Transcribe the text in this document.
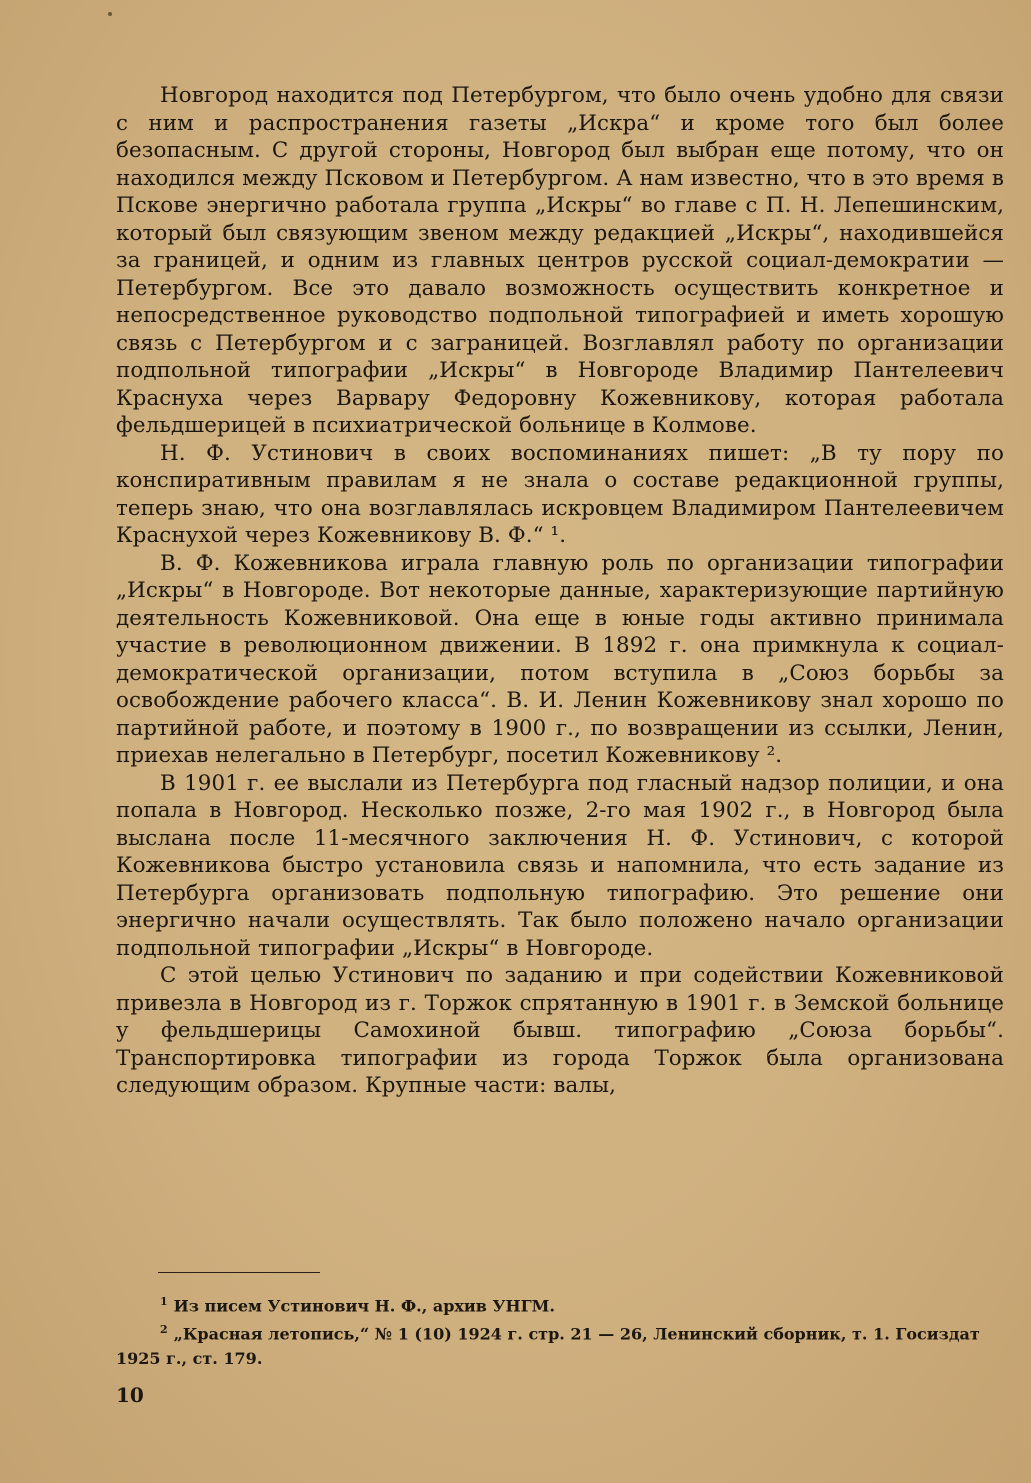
Новгород находится под Петербургом, что было очень удобно для связи с ним и распространения газеты „Искра“ и кроме того был более безопасным. С другой стороны, Новгород был выбран еще потому, что он находился между Псковом и Петербургом. А нам известно, что в это время в Пскове энергично работала группа „Искры“ во главе с П. Н. Лепешинским, который был связующим звеном между редакцией „Искры“, находившейся за границей, и одним из главных центров русской социал-демократии — Петербургом. Все это давало возможность осуществить конкретное и непосредственное руководство подпольной типографией и иметь хорошую связь с Петербургом и с заграницей. Возглавлял работу по организации подпольной типографии „Искры“ в Новгороде Владимир Пантелеевич Краснуха через Варвару Федоровну Кожевникову, которая работала фельдшерицей в психиатрической больнице в Колмове.

Н. Ф. Устинович в своих воспоминаниях пишет: „В ту пору по конспиративным правилам я не знала о составе редакционной группы, теперь знаю, что она возглавлялась искровцем Владимиром Пантелеевичем Краснухой через Кожевникову В. Ф.“ ¹.

В. Ф. Кожевникова играла главную роль по организации типографии „Искры“ в Новгороде. Вот некоторые данные, характеризующие партийную деятельность Кожевниковой. Она еще в юные годы активно принимала участие в революционном движении. В 1892 г. она примкнула к социал-демократической организации, потом вступила в „Союз борьбы за освобождение рабочего класса“. В. И. Ленин Кожевникову знал хорошо по партийной работе, и поэтому в 1900 г., по возвращении из ссылки, Ленин, приехав нелегально в Петербург, посетил Кожевникову ².

В 1901 г. ее выслали из Петербурга под гласный надзор полиции, и она попала в Новгород. Несколько позже, 2-го мая 1902 г., в Новгород была выслана после 11-месячного заключения Н. Ф. Устинович, с которой Кожевникова быстро установила связь и напомнила, что есть задание из Петербурга организовать подпольную типографию. Это решение они энергично начали осуществлять. Так было положено начало организации подпольной типографии „Искры“ в Новгороде.

С этой целью Устинович по заданию и при содействии Кожевниковой привезла в Новгород из г. Торжок спрятанную в 1901 г. в Земской больнице у фельдшерицы Самохиной бывш. типографию „Союза борьбы“. Транспортировка типографии из города Торжок была организована следующим образом. Крупные части: валы,

$^1$ Из писем Устинович Н. Ф., архив УНГМ.

$^2$ „Красная летопись,“ № 1 (10) 1924 г. стр. 21 — 26, Ленинский сборник, т. 1. Госиздат 1925 г., ст. 179.

10
